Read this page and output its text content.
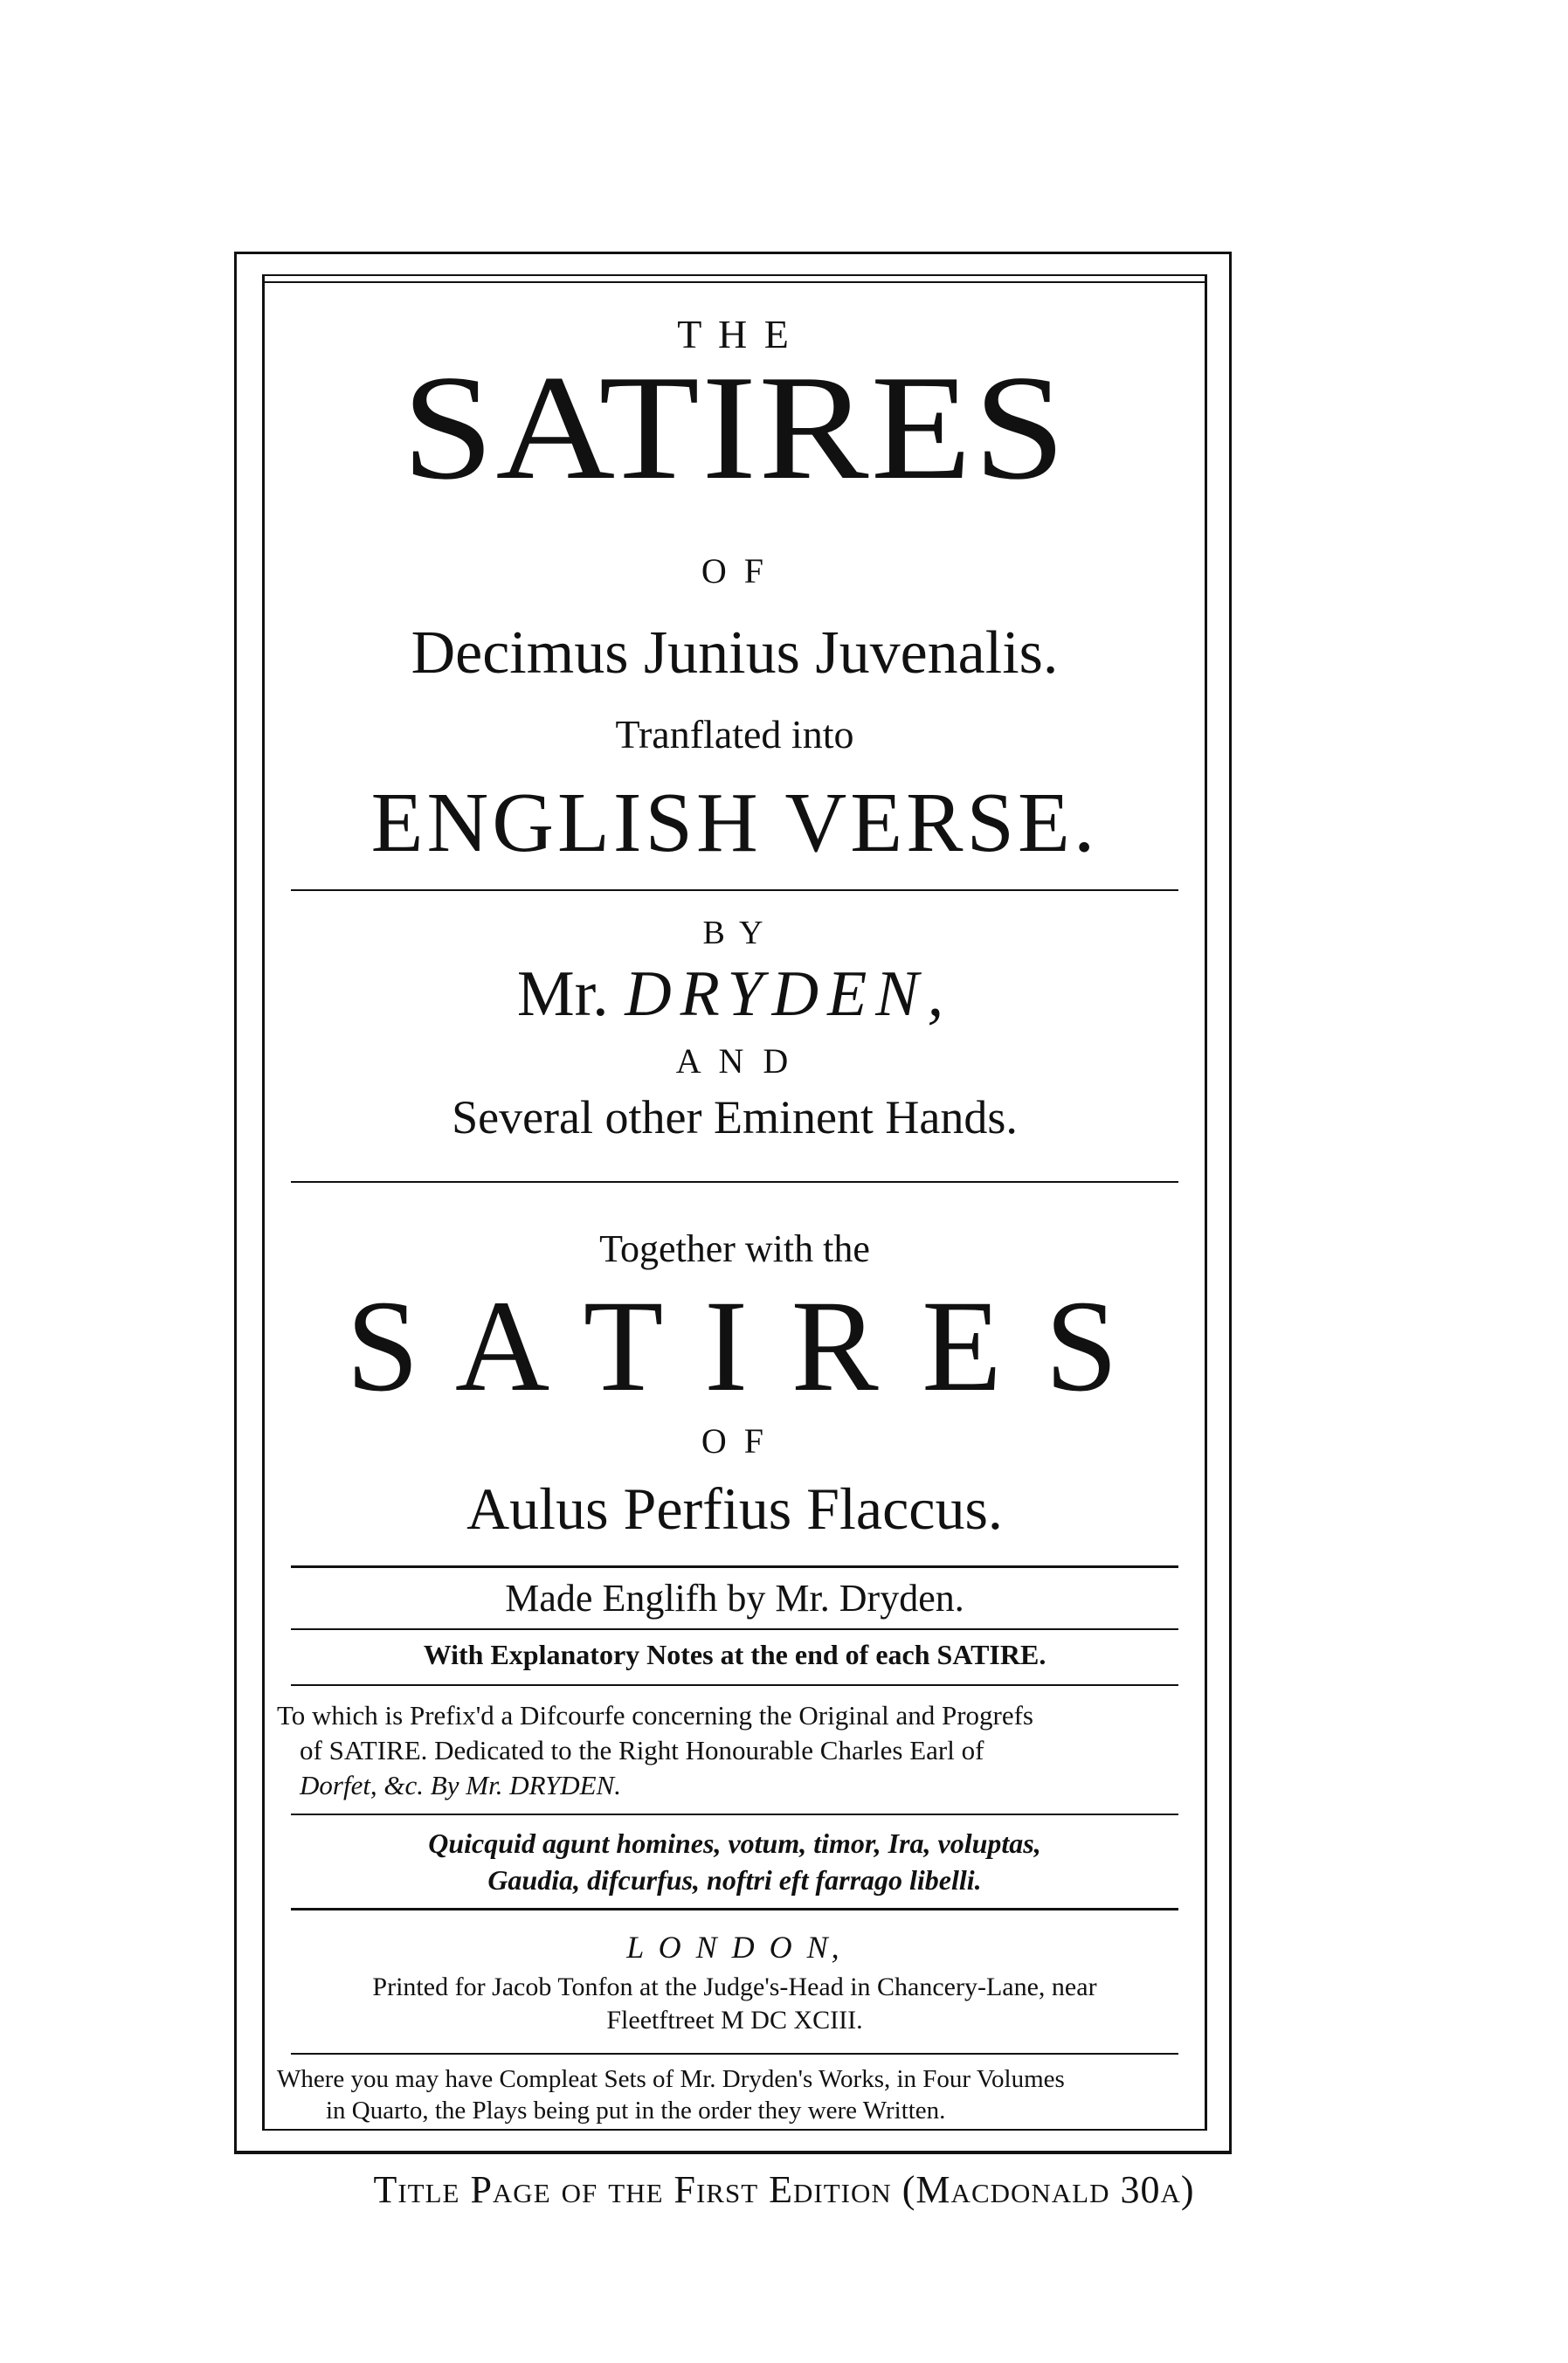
T H E
SATIRES
O F
Decimus Junius Juvenalis.
Tranflated into
ENGLISH VERSE.
B Y
Mr. DRYDEN,
A N D
Several other Eminent Hands.
Together with the
S A T I R E S
O F
Aulus Perfius Flaccus.
Made Englifh by Mr. Dryden.
With Explanatory Notes at the end of each SATIRE.
To which is Prefix'd a Difcourfe concerning the Original and Progrefs
of SATIRE. Dedicated to the Right Honourable Charles Earl of
Dorfet, &c. By Mr. DRYDEN.
Quicquid agunt homines, votum, timor, Ira, voluptas,
Gaudia, difcurfus, noftri eft farrago libelli.
L O N D O N,
Printed for Jacob Tonfon at the Judge's-Head in Chancery-Lane, near
Fleetftreet M DC XCIII.
Where you may have Compleat Sets of Mr. Dryden's Works, in Four Volumes
in Quarto, the Plays being put in the order they were Written.
Title Page of the First Edition (Macdonald 30a)
